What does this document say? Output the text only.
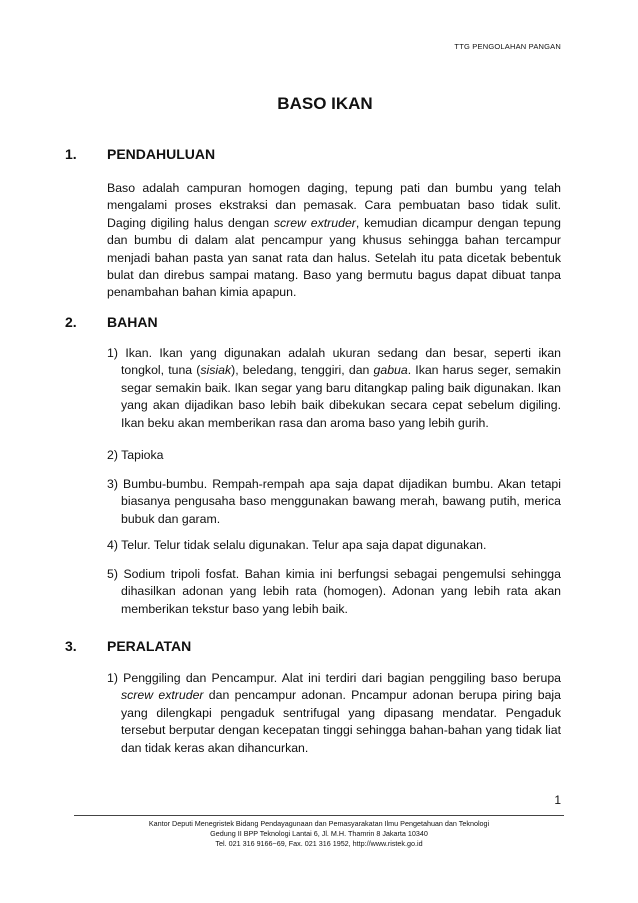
TTG PENGOLAHAN PANGAN
BASO IKAN
1. PENDAHULUAN

Baso adalah campuran homogen daging, tepung pati dan bumbu yang telah mengalami proses ekstraksi dan pemasak. Cara pembuatan baso tidak sulit. Daging digiling halus dengan screw extruder, kemudian dicampur dengan tepung dan bumbu di dalam alat pencampur yang khusus sehingga bahan tercampur menjadi bahan pasta yan sanat rata dan halus. Setelah itu pata dicetak bebentuk bulat dan direbus sampai matang. Baso yang bermutu bagus dapat dibuat tanpa penambahan bahan kimia apapun.

2. BAHAN

1) Ikan. Ikan yang digunakan adalah ukuran sedang dan besar, seperti ikan tongkol, tuna (sisiak), beledang, tenggiri, dan gabua. Ikan harus seger, semakin segar semakin baik. Ikan segar yang baru ditangkap paling baik digunakan. Ikan yang akan dijadikan baso lebih baik dibekukan secara cepat sebelum digiling. Ikan beku akan memberikan rasa dan aroma baso yang lebih gurih.

2) Tapioka

3) Bumbu-bumbu. Rempah-rempah apa saja dapat dijadikan bumbu. Akan tetapi biasanya pengusaha baso menggunakan bawang merah, bawang putih, merica bubuk dan garam.

4) Telur. Telur tidak selalu digunakan. Telur apa saja dapat digunakan.

5) Sodium tripoli fosfat. Bahan kimia ini berfungsi sebagai pengemulsi sehingga dihasilkan adonan yang lebih rata (homogen). Adonan yang lebih rata akan memberikan tekstur baso yang lebih baik.

3. PERALATAN

1) Penggiling dan Pencampur. Alat ini terdiri dari bagian penggiling baso berupa screw extruder dan pencampur adonan. Pncampur adonan berupa piring baja yang dilengkapi pengaduk sentrifugal yang dipasang mendatar. Pengaduk tersebut berputar dengan kecepatan tinggi sehingga bahan-bahan yang tidak liat dan tidak keras akan dihancurkan.

1
Kantor Deputi Menegristek Bidang Pendayagunaan dan Pemasyarakatan Ilmu Pengetahuan dan Teknologi
Gedung II BPP Teknologi Lantai 6, Jl. M.H. Thamrin 8 Jakarta 10340
Tel. 021 316 9166~69, Fax. 021 316 1952, http://www.ristek.go.id
